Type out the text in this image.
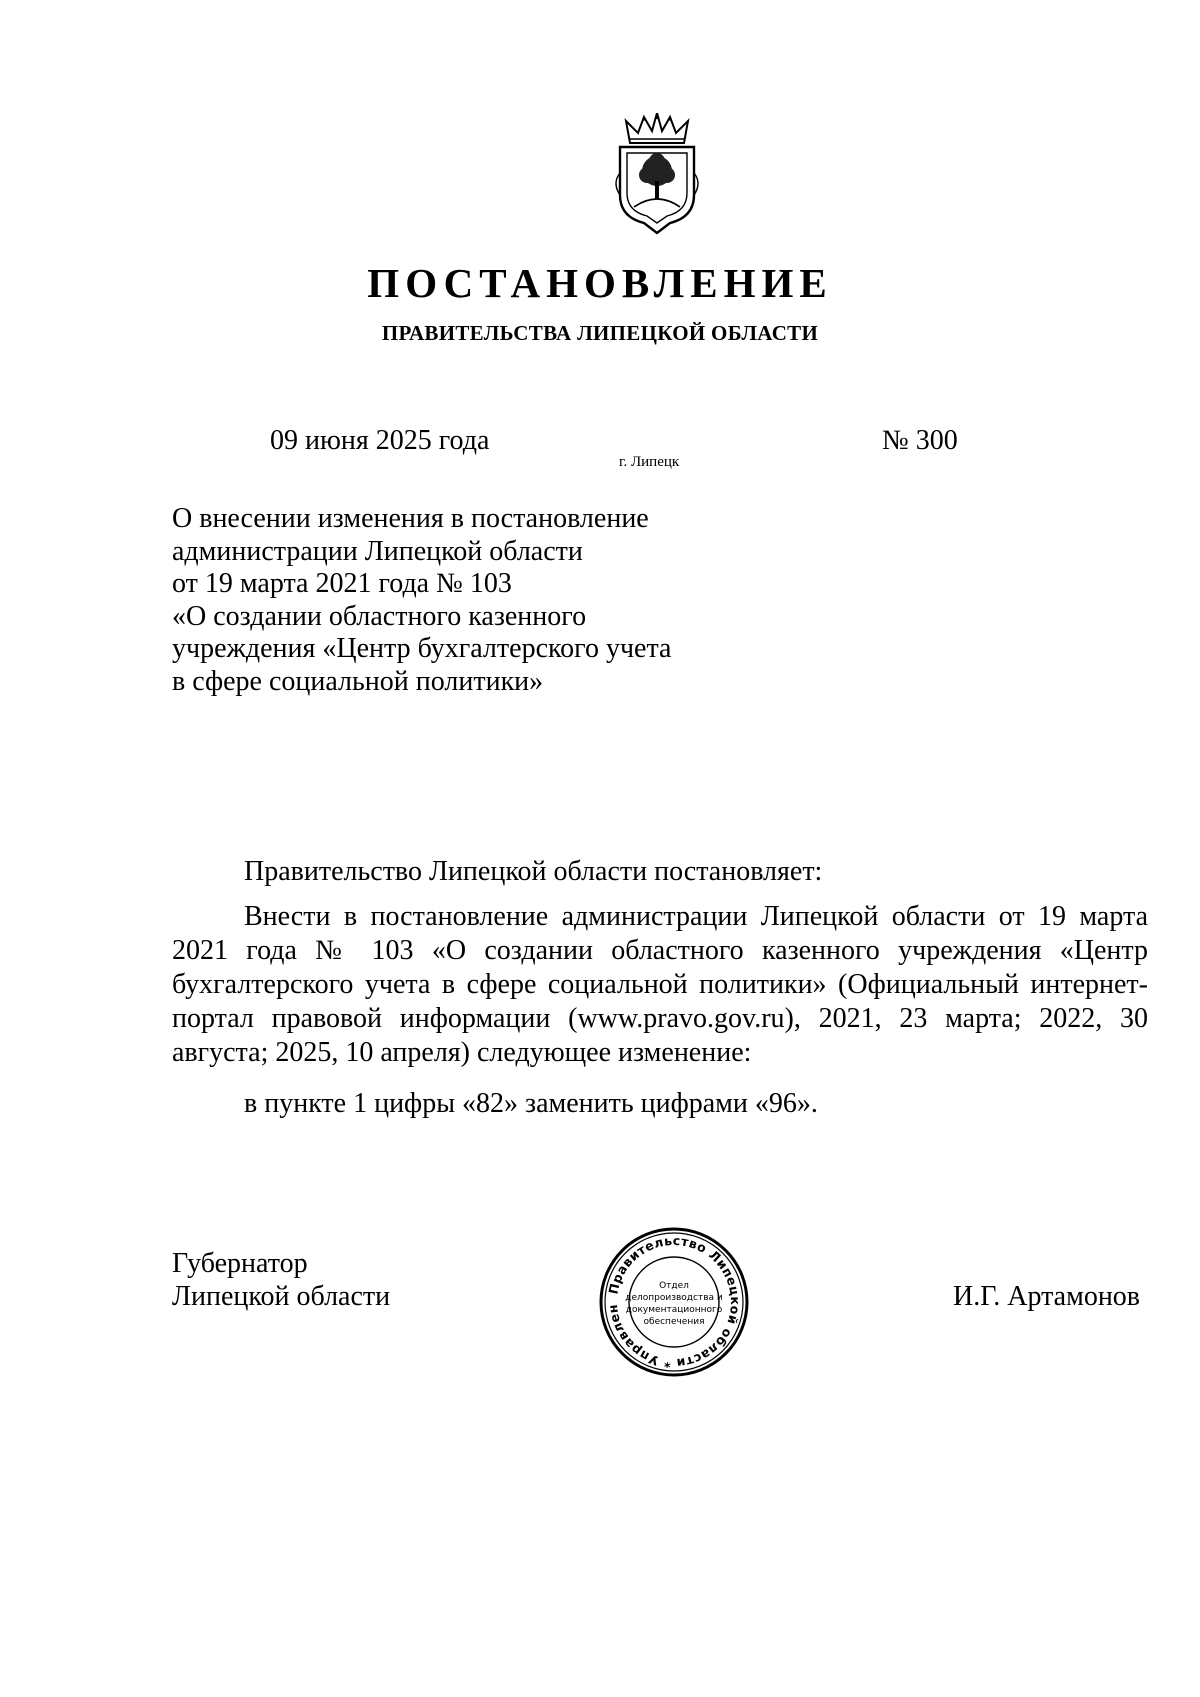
ПОСТАНОВЛЕНИЕ
ПРАВИТЕЛЬСТВА ЛИПЕЦКОЙ ОБЛАСТИ
09 июня 2025 года
г. Липецк
№ 300
О внесении изменения в постановление
администрации Липецкой области
от 19 марта 2021 года № 103
«О создании областного казенного
учреждения «Центр бухгалтерского учета
в сфере социальной политики»
Правительство Липецкой области постановляет:
Внести в постановление администрации Липецкой области от 19 марта 2021 года № 103 «О создании областного казенного учреждения «Центр бухгалтерского учета в сфере социальной политики» (Официальный интернет-портал правовой информации (www.pravo.gov.ru), 2021, 23 марта; 2022, 30 августа; 2025, 10 апреля) следующее изменение:
в пункте 1 цифры «82» заменить цифрами «96».
Губернатор
Липецкой области	И.Г. Артамонов
Правительство Липецкой области * Управлен
Отдел
делопроизводства и
документационного
обеспечения
